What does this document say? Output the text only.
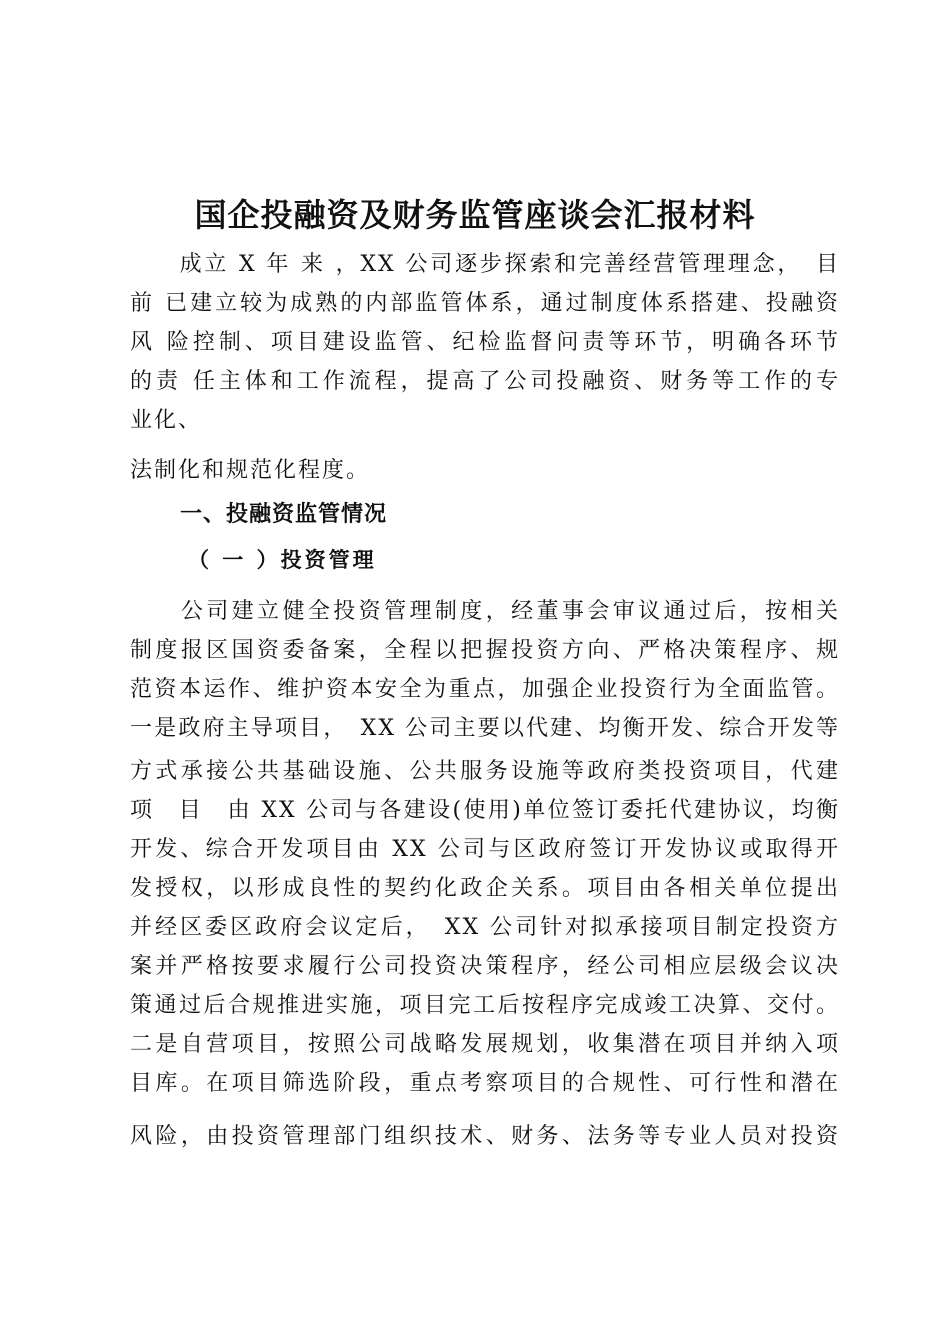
国企投融资及财务监管座谈会汇报材料
　　成立 X 年 来 ，XX 公司逐步探索和完善经营管理理念，　目
前 已建立较为成熟的内部监管体系，通过制度体系搭建、投融资
风 险控制、项目建设监管、纪检监督问责等环节，明确各环节
的责 任主体和工作流程，提高了公司投融资、财务等工作的专
业化、
法制化和规范化程度。
一、投融资监管情况
（ 一 ）投资管理
　　公司建立健全投资管理制度，经董事会审议通过后，按相关
制度报区国资委备案，全程以把握投资方向、严格决策程序、规
范资本运作、维护资本安全为重点，加强企业投资行为全面监管。
一是政府主导项目，　XX 公司主要以代建、均衡开发、综合开发等
方式承接公共基础设施、公共服务设施等政府类投资项目，代建
项　目　由 XX 公司与各建设(使用)单位签订委托代建协议，均衡
开发、综合开发项目由 XX 公司与区政府签订开发协议或取得开
发授权，以形成良性的契约化政企关系。项目由各相关单位提出
并经区委区政府会议定后，　XX 公司针对拟承接项目制定投资方
案并严格按要求履行公司投资决策程序，经公司相应层级会议决
策通过后合规推进实施，项目完工后按程序完成竣工决算、交付。
二是自营项目，按照公司战略发展规划，收集潜在项目并纳入项
目库。在项目筛选阶段，重点考察项目的合规性、可行性和潜在
风险，由投资管理部门组织技术、财务、法务等专业人员对投资
